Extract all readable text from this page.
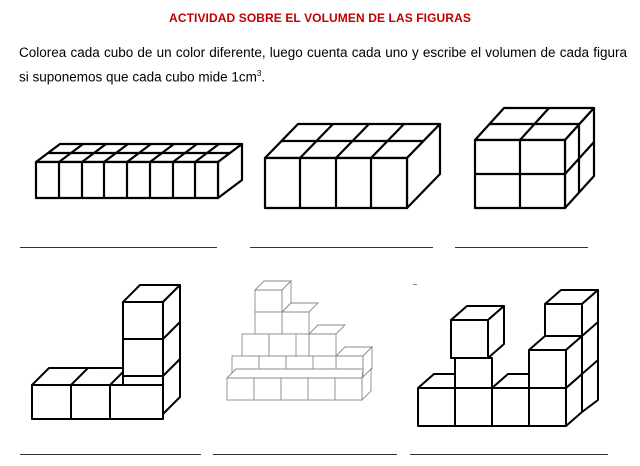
ACTIVIDAD SOBRE EL VOLUMEN DE LAS FIGURAS
Colorea cada cubo de un color diferente, luego cuenta cada uno y escribe el volumen de cada figura si suponemos que cada cubo mide $1cm^3$.
